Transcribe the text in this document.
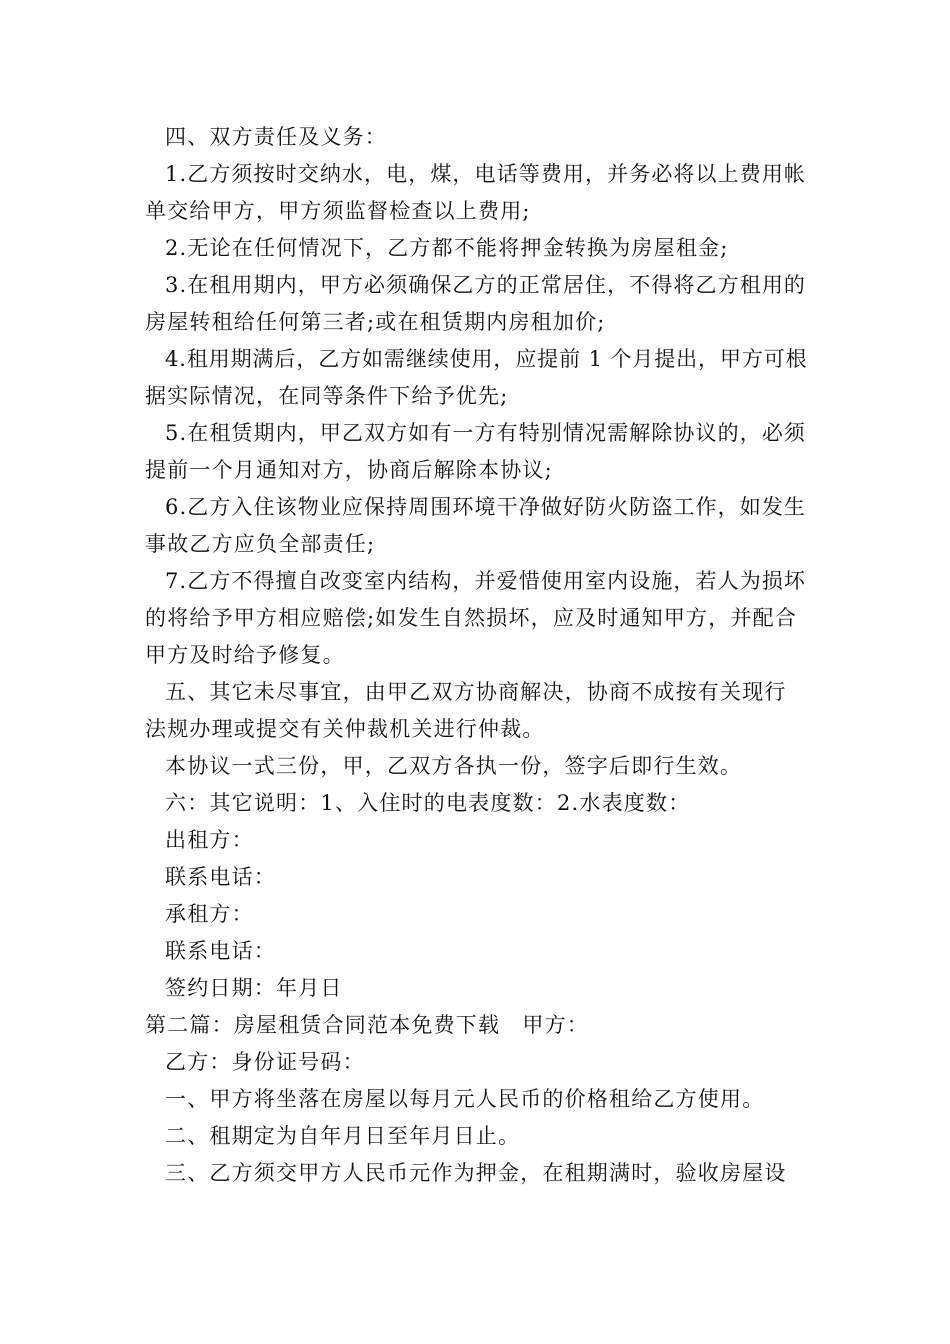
四、双方责任及义务：
1.乙方须按时交纳水，电，煤，电话等费用，并务必将以上费用帐
单交给甲方，甲方须监督检查以上费用;
2.无论在任何情况下，乙方都不能将押金转换为房屋租金;
3.在租用期内，甲方必须确保乙方的正常居住，不得将乙方租用的
房屋转租给任何第三者;或在租赁期内房租加价;
4.租用期满后，乙方如需继续使用，应提前 1 个月提出，甲方可根
据实际情况，在同等条件下给予优先;
5.在租赁期内，甲乙双方如有一方有特别情况需解除协议的，必须
提前一个月通知对方，协商后解除本协议;
6.乙方入住该物业应保持周围环境干净做好防火防盗工作，如发生
事故乙方应负全部责任;
7.乙方不得擅自改变室内结构，并爱惜使用室内设施，若人为损坏
的将给予甲方相应赔偿;如发生自然损坏，应及时通知甲方，并配合
甲方及时给予修复。
五、其它未尽事宜，由甲乙双方协商解决，协商不成按有关现行
法规办理或提交有关仲裁机关进行仲裁。
本协议一式三份，甲，乙双方各执一份，签字后即行生效。
六：其它说明：1、入住时的电表度数：2.水表度数：
出租方：
联系电话：
承租方：
联系电话：
签约日期：年月日
第二篇：房屋租赁合同范本免费下载　甲方：
乙方：身份证号码：
一、甲方将坐落在房屋以每月元人民币的价格租给乙方使用。
二、租期定为自年月日至年月日止。
三、乙方须交甲方人民币元作为押金，在租期满时，验收房屋设
